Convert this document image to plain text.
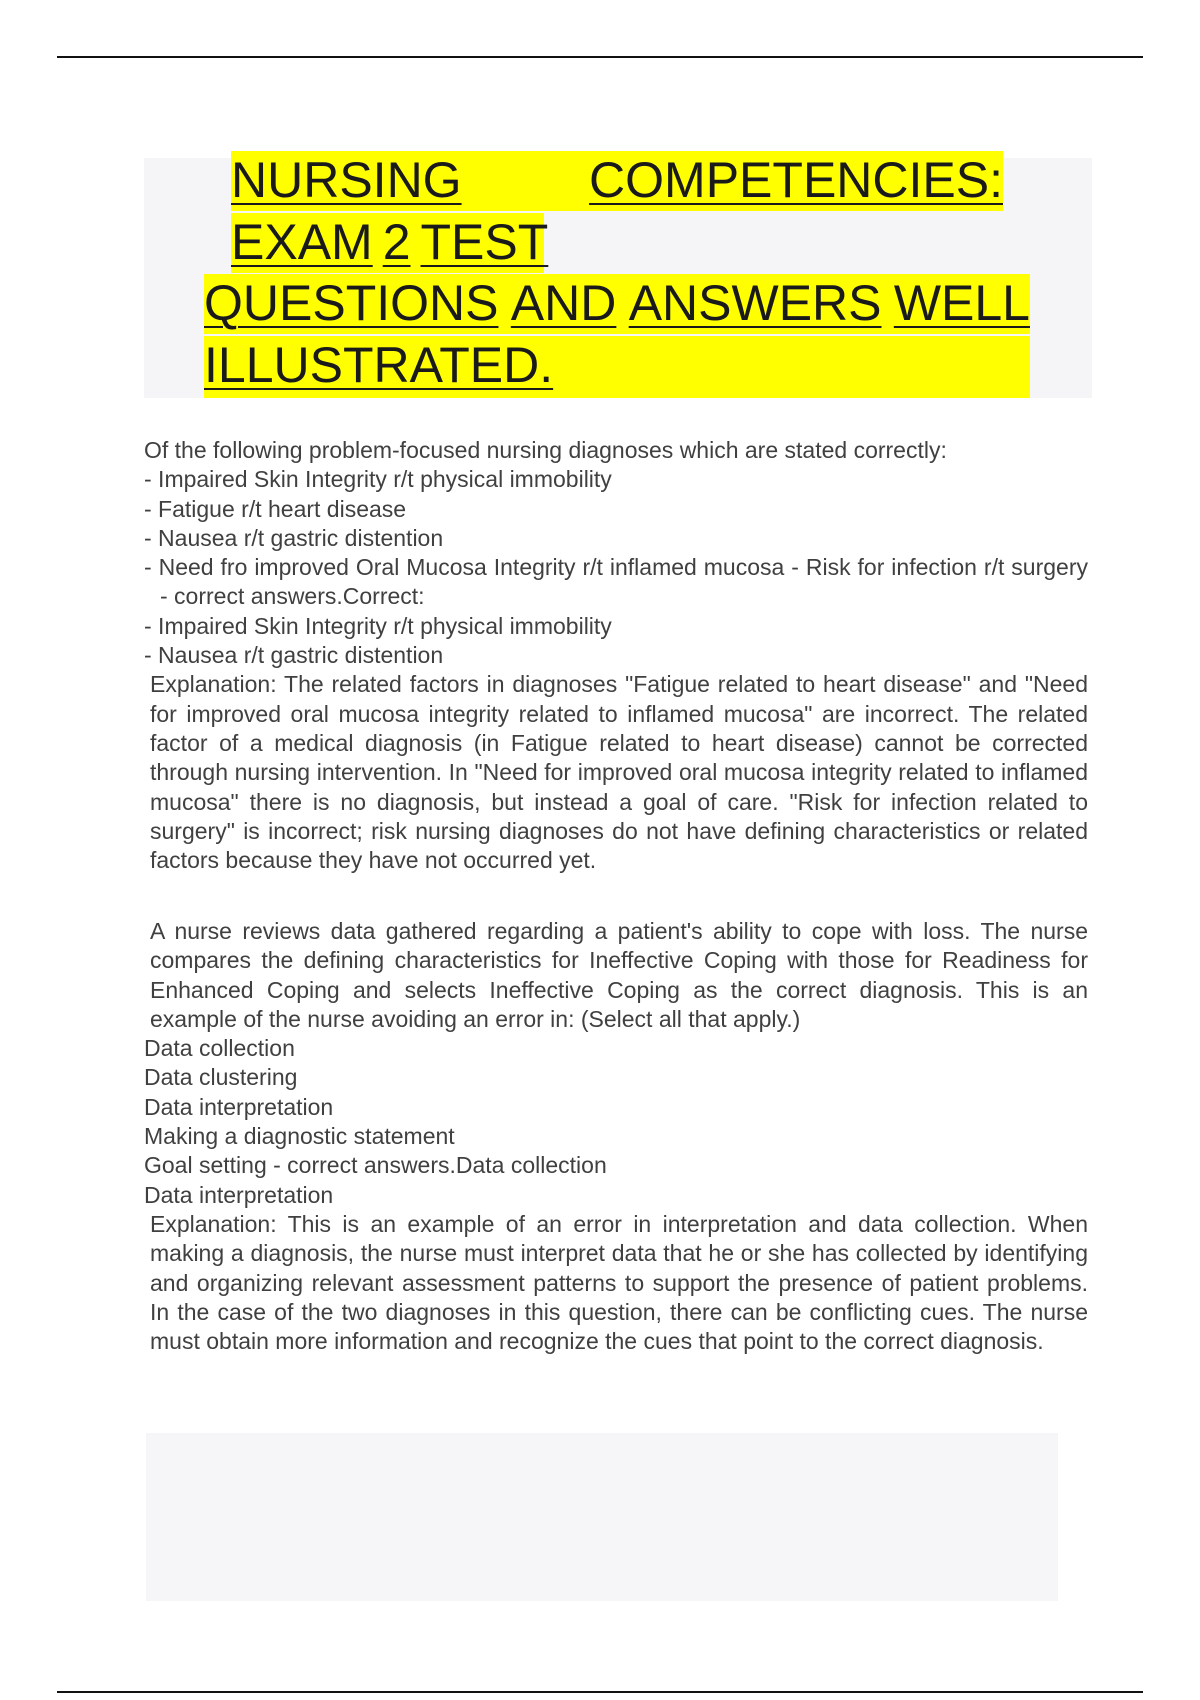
NURSING	COMPETENCIES:
EXAM 2 TEST
QUESTIONS AND ANSWERS WELL
ILLUSTRATED.

Of the following problem-focused nursing diagnoses which are stated correctly:

- Impaired Skin Integrity r/t physical immobility

- Fatigue r/t heart disease

- Nausea r/t gastric distention

- Need fro improved Oral Mucosa Integrity r/t inflamed mucosa - Risk for infection r/t surgery - correct answers.Correct:

- Impaired Skin Integrity r/t physical immobility

- Nausea r/t gastric distention

Explanation: The related factors in diagnoses "Fatigue related to heart disease" and "Need for improved oral mucosa integrity related to inflamed mucosa" are incorrect. The related factor of a medical diagnosis (in Fatigue related to heart disease) cannot be corrected through nursing intervention. In "Need for improved oral mucosa integrity related to inflamed mucosa" there is no diagnosis, but instead a goal of care. "Risk for infection related to surgery" is incorrect; risk nursing diagnoses do not have defining characteristics or related factors because they have not occurred yet.

A nurse reviews data gathered regarding a patient's ability to cope with loss. The nurse compares the defining characteristics for Ineffective Coping with those for Readiness for Enhanced Coping and selects Ineffective Coping as the correct diagnosis. This is an example of the nurse avoiding an error in: (Select all that apply.)

Data collection

Data clustering

Data interpretation

Making a diagnostic statement

Goal setting - correct answers.Data collection

Data interpretation

Explanation: This is an example of an error in interpretation and data collection. When making a diagnosis, the nurse must interpret data that he or she has collected by identifying and organizing relevant assessment patterns to support the presence of patient problems. In the case of the two diagnoses in this question, there can be conflicting cues. The nurse must obtain more information and recognize the cues that point to the correct diagnosis.
